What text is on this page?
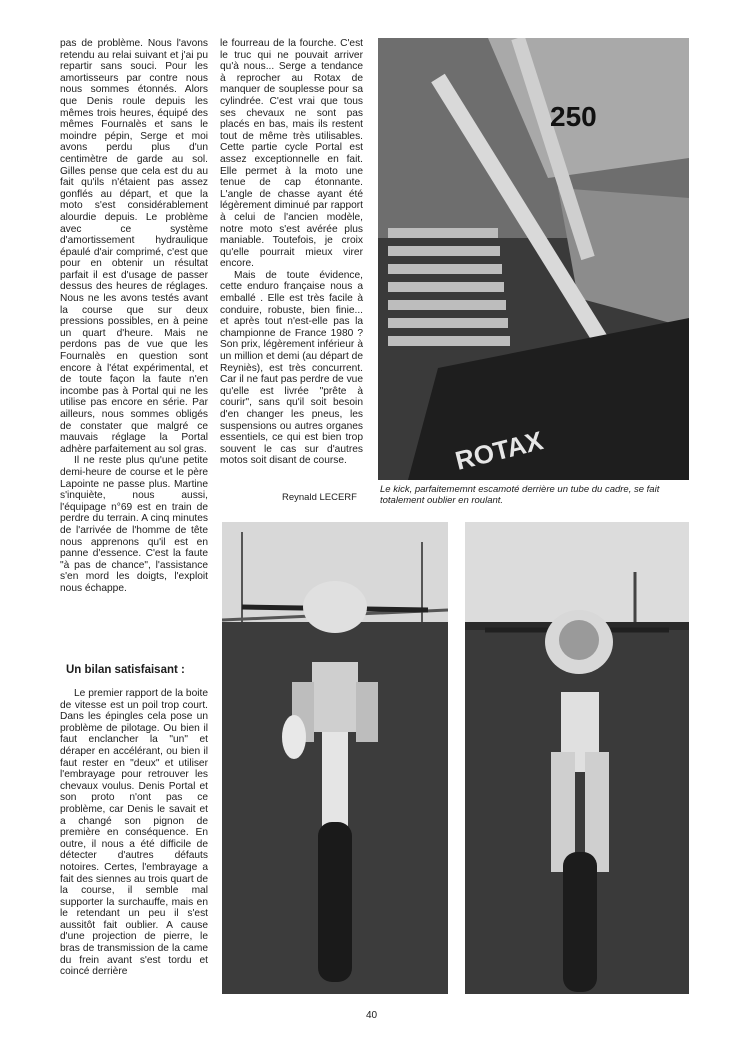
pas de problème. Nous l'avons retendu au relai suivant et j'ai pu repartir sans souci. Pour les amortisseurs par contre nous nous sommes étonnés. Alors que Denis roule depuis les mêmes trois heures, équipé des mêmes Fournalès et sans le moindre pépin, Serge et moi avons perdu plus d'un centimètre de garde au sol. Gilles pense que cela est du au fait qu'ils n'étaient pas assez gonflés au départ, et que la moto s'est considérablement alourdie depuis. Le problème avec ce système d'amortissement hydraulique épaulé d'air comprimé, c'est que pour en obtenir un résultat parfait il est d'usage de passer dessus des heures de réglages. Nous ne les avons testés avant la course que sur deux pressions possibles, en à peine un quart d'heure. Mais ne perdons pas de vue que les Fournalès en question sont encore à l'état expérimental, et de toute façon la faute n'en incombe pas à Portal qui ne les utilise pas encore en série. Par ailleurs, nous sommes obligés de constater que malgré ce mauvais réglage la Portal adhère parfaitement au sol gras.

Il ne reste plus qu'une petite demi-heure de course et le père Lapointe ne passe plus. Martine s'inquiète, nous aussi, l'équipage n°69 est en train de perdre du terrain. A cinq minutes de l'arrivée de l'homme de tête nous apprenons qu'il est en panne d'essence. C'est la faute "à pas de chance", l'assistance s'en mord les doigts, l'exploit nous échappe.

le fourreau de la fourche. C'est le truc qui ne pouvait arriver qu'à nous... Serge a tendance à reprocher au Rotax de manquer de souplesse pour sa cylindrée. C'est vrai que tous ses chevaux ne sont pas placés en bas, mais ils restent tout de même très utilisables. Cette partie cycle Portal est assez exceptionnelle en fait. Elle permet à la moto une tenue de cap étonnante. L'angle de chasse ayant été légèrement diminué par rapport à celui de l'ancien modèle, notre moto s'est avérée plus maniable. Toutefois, je croix qu'elle pourrait mieux virer encore.

Mais de toute évidence, cette enduro française nous a emballé . Elle est très facile à conduire, robuste, bien finie... et après tout n'est-elle pas la championne de France 1980 ? Son prix, légèrement inférieur à un million et demi (au départ de Reyniès), est très concurrent. Car il ne faut pas perdre de vue qu'elle est livrée "prête à courir", sans qu'il soit besoin d'en changer les pneus, les suspensions ou autres organes essentiels, ce qui est bien trop souvent le cas sur d'autres motos soit disant de course.

Un bilan satisfaisant :

Le premier rapport de la boite de vitesse est un poil trop court. Dans les épingles cela pose un problème de pilotage. Ou bien il faut enclancher la "un" et déraper en accélérant, ou bien il faut rester en "deux" et utiliser l'embrayage pour retrouver les chevaux voulus. Denis Portal et son proto n'ont pas ce problème, car Denis le savait et a changé son pignon de première en conséquence. En outre, il nous a été difficile de détecter d'autres défauts notoires. Certes, l'embrayage a fait des siennes au trois quart de la course, il semble mal supporter la surchauffe, mais en le retendant un peu il s'est aussitôt fait oublier. A cause d'une projection de pierre, le bras de transmission de la came du frein avant s'est tordu et coincé derrière

Reynald LECERF
250
ROTAX
Le kick, parfaitememnt escamoté derrière un tube du cadre, se fait totalement oublier en roulant.
40
